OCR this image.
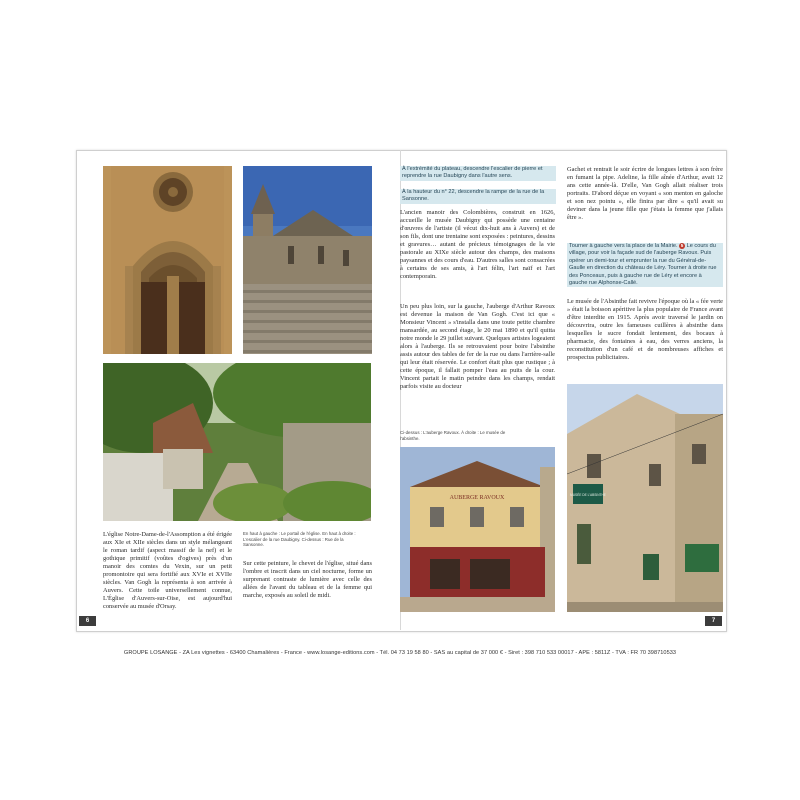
L'église Notre-Dame-de-l'Assomption a été érigée aux XIe et XIIe siècles dans un style mélangeant le roman tardif (aspect massif de la nef) et le gothique primitif (voûtes d'ogives) près d'un manoir des comtes du Vexin, sur un petit promontoire qui sera fortifié aux XVIe et XVIIe siècles. Van Gogh la représenta à son arrivée à Auvers. Cette toile universellement connue, L'Église d'Auvers-sur-Oise, est aujourd'hui conservée au musée d'Orsay.

En haut à gauche : Le portail de l'église. En haut à droite : L'escalier de la rue Daubigny. Ci-dessus : Rue de la Sansonne.

Sur cette peinture, le chevet de l'église, situé dans l'ombre et inscrit dans un ciel nocturne, forme un surprenant contraste de lumière avec celle des allées de l'avant du tableau et de la femme qui marche, exposés au soleil de midi.

6
À l'extrémité du plateau, descendre l'escalier de pierre et reprendre la rue Daubigny dans l'autre sens.
À la hauteur du n° 22, descendre la rampe de la rue de la Sansonne.

L'ancien manoir des Colombières, construit en 1626, accueille le musée Daubigny qui possède une centaine d'œuvres de l'artiste (il vécut dix-huit ans à Auvers) et de son fils, dont une trentaine sont exposées : peintures, dessins et gravures… autant de précieux témoignages de la vie pastorale au XIXe siècle autour des champs, des maisons paysannes et des cours d'eau. D'autres salles sont consacrées à certains de ses amis, à l'art félin, l'art naïf et l'art contemporain.

Un peu plus loin, sur la gauche, l'auberge d'Arthur Ravoux est devenue la maison de Van Gogh. C'est ici que « Monsieur Vincent » s'installa dans une toute petite chambre mansardée, au second étage, le 20 mai 1890 et qu'il quitta notre monde le 29 juillet suivant. Quelques artistes logeaient alors à l'auberge. Ils se retrouvaient pour boire l'absinthe assis autour des tables de fer de la rue ou dans l'arrière-salle qui leur était réservée. Le confort était plus que rustique ; à cette époque, il fallait pomper l'eau au puits de la cour. Vincent partait le matin peindre dans les champs, rendait parfois visite au docteur

Ci-dessus : L'auberge Ravoux. À droite : Le musée de l'absinthe.
AUBERGE RAVOUX

Gachet et rentrait le soir écrire de longues lettres à son frère en fumant la pipe. Adeline, la fille aînée d'Arthur, avait 12 ans cette année-là. D'elle, Van Gogh allait réaliser trois portraits. D'abord déçue en voyant « son menton en galoche et son nez pointu », elle finira par dire « qu'il avait su deviner dans la jeune fille que j'étais la femme que j'allais être ».

Tourner à gauche vers la place de la Mairie. 5 Le cours du village, pour voir la façade sud de l'auberge Ravoux. Puis opérer un demi-tour et emprunter la rue du Général-de-Gaulle en direction du château de Léry. Tourner à droite rue des Ponceaux, puis à gauche rue de Léry et encore à gauche rue Alphonse-Callé.

Le musée de l'Absinthe fait revivre l'époque où la « fée verte » était la boisson apéritive la plus populaire de France avant d'être interdite en 1915. Après avoir traversé le jardin on découvrira, outre les fameuses cuillères à absinthe dans lesquelles le sucre fondait lentement, des bocaux à pharmacie, des fontaines à eau, des verres anciens, la reconstitution d'un café et de nombreuses affiches et prospectus publicitaires.

MUSÉE DE L'ABSINTHE
7
GROUPE LOSANGE - ZA Les vignettes - 63400 Chamalières - France - www.losange-editions.com - Tél. 04 73 19 58 80 - SAS au capital de 37 000 € - Siret : 398 710 533 00017 - APE : 5811Z - TVA : FR 70 398710533
